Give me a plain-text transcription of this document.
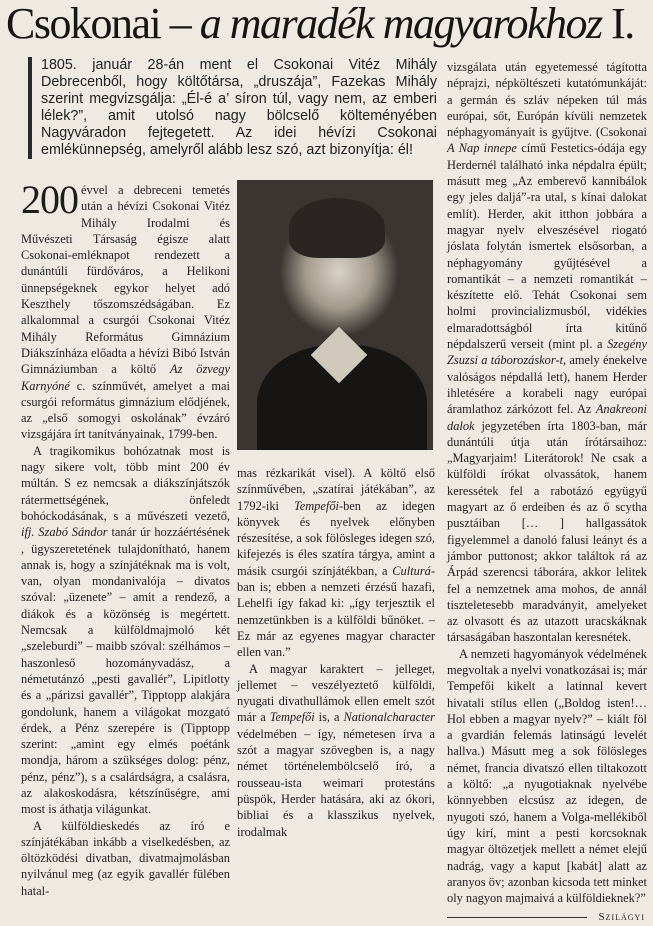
Csokonai – a maradék magyarokhoz I.
1805. január 28-án ment el Csokonai Vitéz Mihály Debrecenből, hogy költőtársa, „druszája”, Fazekas Mihály szerint megvizsgálja: „Él-é a’ síron túl, vagy nem, az emberi lélek?”, amit utolsó nagy bölcselő költeményében Nagyváradon fejtegetett. Az idei hévízi Csokonai emlékünnepség, amelyről alább lesz szó, azt bizonyítja: él!

200 évvel a debreceni temetés után a hévízi Csokonai Vitéz Mihály Irodalmi és Művészeti Társaság égisze alatt Csokonai-emléknapot rendezett a dunántúli fürdőváros, a Helikoni ünnepségeknek egykor helyet adó Keszthely tőszomszédságában. Ez alkalommal a csurgói Csokonai Vitéz Mihály Református Gimnázium Diákszínháza előadta a hévízi Bibó István Gimnáziumban a költő Az özvegy Karnyóné c. színművét, amelyet a mai csurgói református gimnázium elődjének, az „első somogyi oskolának” évzáró vizsgájára írt tanítványainak, 1799-ben.

A tragikomikus bohózatnak most is nagy sikere volt, több mint 200 év múltán. S ez nemcsak a diákszínjátszók rátermettségének, önfeledt bohóckodásának, s a művészeti vezető, ifj. Szabó Sándor tanár úr hozzáértésének , ügyszeretetének tulajdonítható, hanem annak is, hogy a színjátéknak ma is volt, van, olyan mondanivalója – divatos szóval: „üzenete” – amit a rendező, a diákok és a közönség is megértett. Nemcsak a külföldmajmoló két „szeleburdi” – maibb szóval: szélhámos – haszonleső hozományvadász, a németutánzó „pesti gavallér”, Lipitlotty és a „párizsi gavallér”, Tipptopp alakjára gondolunk, hanem a világokat mozgató érdek, a Pénz szerepére is (Tipptopp szerint: „amint egy elmés poétánk mondja, három a szükséges dolog: pénz, pénz, pénz”), s a csalárdságra, a csalásra, az alakoskodásra, kétszínűségre, ami most is áthatja világunkat.

A külföldieskedés az író e színjátékában inkább a viselkedésben, az öltözködési divatban, divatmajmolásban nyilvánul meg (az egyik gavallér fülében hatal-

mas rézkarikát visel). A költő első színművében, „szatírai játékában”, az 1792-iki Tempefői-ben az idegen könyvek és nyelvek előnyben részesítése, a sok fölösleges idegen szó, kifejezés is éles szatíra tárgya, amint a másik csurgói színjátékban, a Culturá-ban is; ebben a nemzeti érzésű hazafi, Lehelfi így fakad ki: „így terjesztik el nemzetünkben is a külföldi bűnöket. – Ez már az egyenes magyar character ellen van.”

A magyar karaktert – jelleget, jellemet – veszélyeztető külföldi, nyugati divathullámok ellen emelt szót már a Tempefői is, a Nationalcharacter védelmében – így, németesen írva a szót a magyar szövegben is, a nagy német történelembölcselő író, a rousseau-ista weimari protestáns püspök, Herder hatására, aki az ókori, bibliai és a klasszikus nyelvek, irodalmak

vizsgálata után egyetemessé tágította néprajzi, népköltészeti kutatómunkáját: a germán és szláv népeken túl más európai, sőt, Európán kívüli nemzetek néphagyományait is gyűjtve. (Csokonai A Nap innepe című Festetics-ódája egy Herdernél található inka népdalra épült; másutt meg „Az emberevő kannibálok egy jeles daljá”-ra utal, s kínai dalokat említ). Herder, akit itthon jobbára a magyar nyelv elveszésével riogató jóslata folytán ismertek elsősorban, a néphagyomány gyűjtésével a romantikát – a nemzeti romantikát – készítette elő. Tehát Csokonai sem holmi provincializmusból, vidékies elmaradottságból írta kitűnő népdalszerű verseit (mint pl. a Szegény Zsuzsi a táborozáskor-t, amely énekelve valóságos népdallá lett), hanem Herder ihletésére a korabeli nagy európai áramlathoz zárkózott fel. Az Anakreoni dalok jegyzetében írta 1803-ban, már dunántúli útja után írótársaihoz: „Magyarjaim! Literátorok! Ne csak a külföldi írókat olvassátok, hanem keressétek fel a rabotázó együgyű magyart az ő erdeiben és az ő scytha pusztáiban [… ] hallgassátok figyelemmel a danoló falusi leányt és a jámbor puttonost; akkor találtok rá az Árpád szerencsi táborára, akkor lelitek fel a nemzetnek ama mohos, de annál tiszteletesebb maradványit, amelyeket az olvasott és az utazott uracskáknak társaságában haszontalan keresnétek.

A nemzeti hagyományok védelmének megvoltak a nyelvi vonatkozásai is; már Tempefői kikelt a latinnal kevert hivatali stílus ellen („Boldog isten!… Hol ebben a magyar nyelv?” – kiált föl a gvardián felemás latinságú levelét hallva.) Másutt meg a sok fölösleges német, francia divatszó ellen tiltakozott a költő: „a nyugotiaknak nyelvébe könnyebben elcsúsz az idegen, de nyugoti szó, hanem a Volga-mellékiből úgy kirí, mint a pesti korcsoknak magyar öltözetjek mellett a német elejű nadrág, vagy a kaput [kabát] alatt az aranyos öv; azonban kicsoda tett minket oly nagyon majmaivá a külföldieknek?”

Szilágyi
